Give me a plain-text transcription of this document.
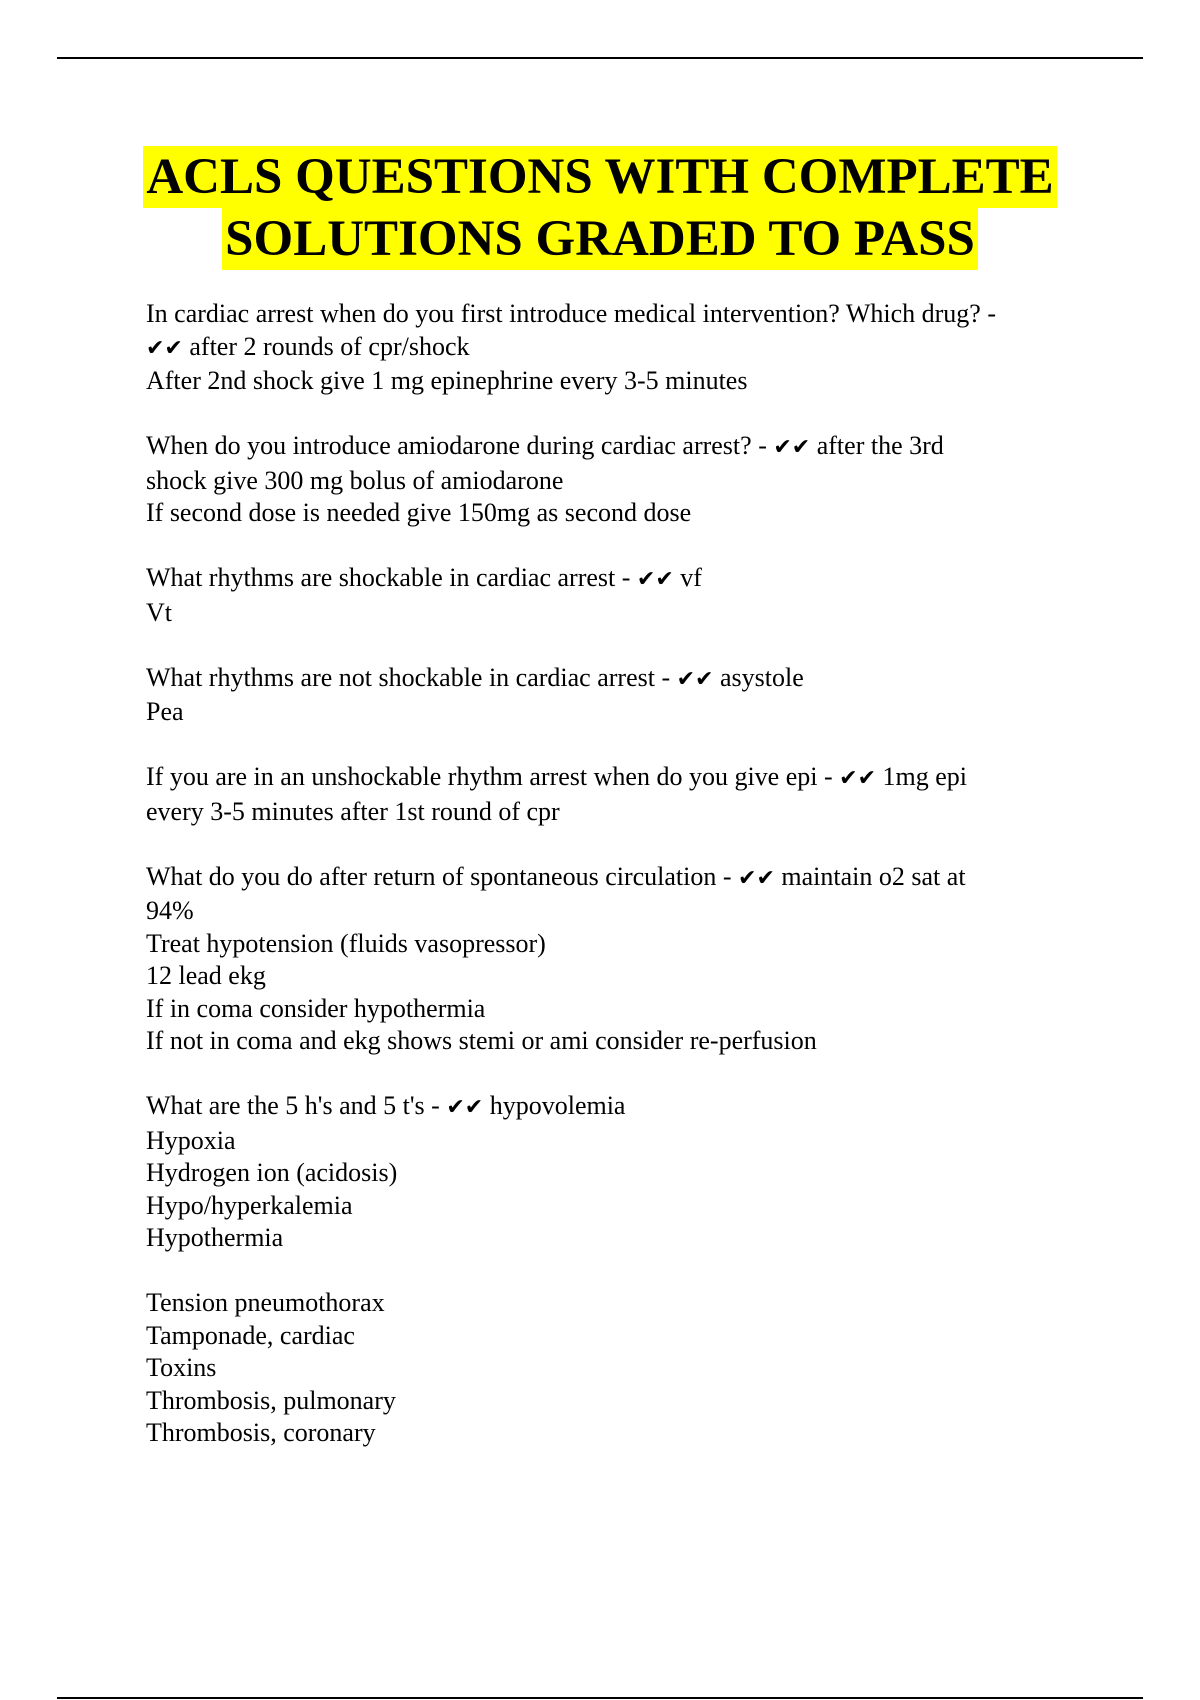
ACLS QUESTIONS WITH COMPLETE
SOLUTIONS GRADED TO PASS
In cardiac arrest when do you first introduce medical intervention? Which drug? -
✔✔ after 2 rounds of cpr/shock
After 2nd shock give 1 mg epinephrine every 3-5 minutes
When do you introduce amiodarone during cardiac arrest? - ✔✔ after the 3rd
shock give 300 mg bolus of amiodarone
If second dose is needed give 150mg as second dose
What rhythms are shockable in cardiac arrest - ✔✔ vf
Vt
What rhythms are not shockable in cardiac arrest - ✔✔ asystole
Pea
If you are in an unshockable rhythm arrest when do you give epi - ✔✔ 1mg epi
every 3-5 minutes after 1st round of cpr
What do you do after return of spontaneous circulation - ✔✔ maintain o2 sat at
94%
Treat hypotension (fluids vasopressor)
12 lead ekg
If in coma consider hypothermia
If not in coma and ekg shows stemi or ami consider re-perfusion
What are the 5 h's and 5 t's - ✔✔ hypovolemia
Hypoxia
Hydrogen ion (acidosis)
Hypo/hyperkalemia
Hypothermia
Tension pneumothorax
Tamponade, cardiac
Toxins
Thrombosis, pulmonary
Thrombosis, coronary
